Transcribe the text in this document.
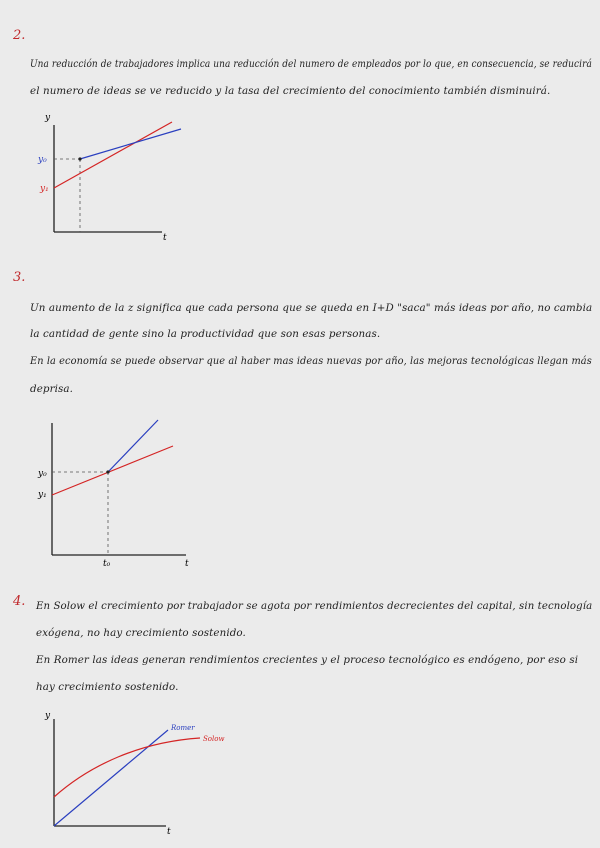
2.
Una reducción de trabajadores implica una reducción del numero de empleados por lo que, en consecuencia, se reducirá
el numero de ideas se ve reducido y la tasa del crecimiento del conocimiento también disminuirá.
y
t
y₀
y₁
3.
Un aumento de la z significa que cada persona que se queda en I+D "saca" más ideas por año, no cambia
la cantidad de gente sino la productividad que son esas personas.
En la economía se puede observar que al haber mas ideas nuevas por año, las mejoras tecnológicas llegan más
deprisa.
y₀
y₁
t₀	t
4. En Solow el crecimiento por trabajador se agota por rendimientos decrecientes del capital, sin tecnología
exógena, no hay crecimiento sostenido.
En Romer las ideas generan rendimientos crecientes y el proceso tecnológico es endógeno, por eso si
hay crecimiento sostenido.
y
t
Romer
Solow
